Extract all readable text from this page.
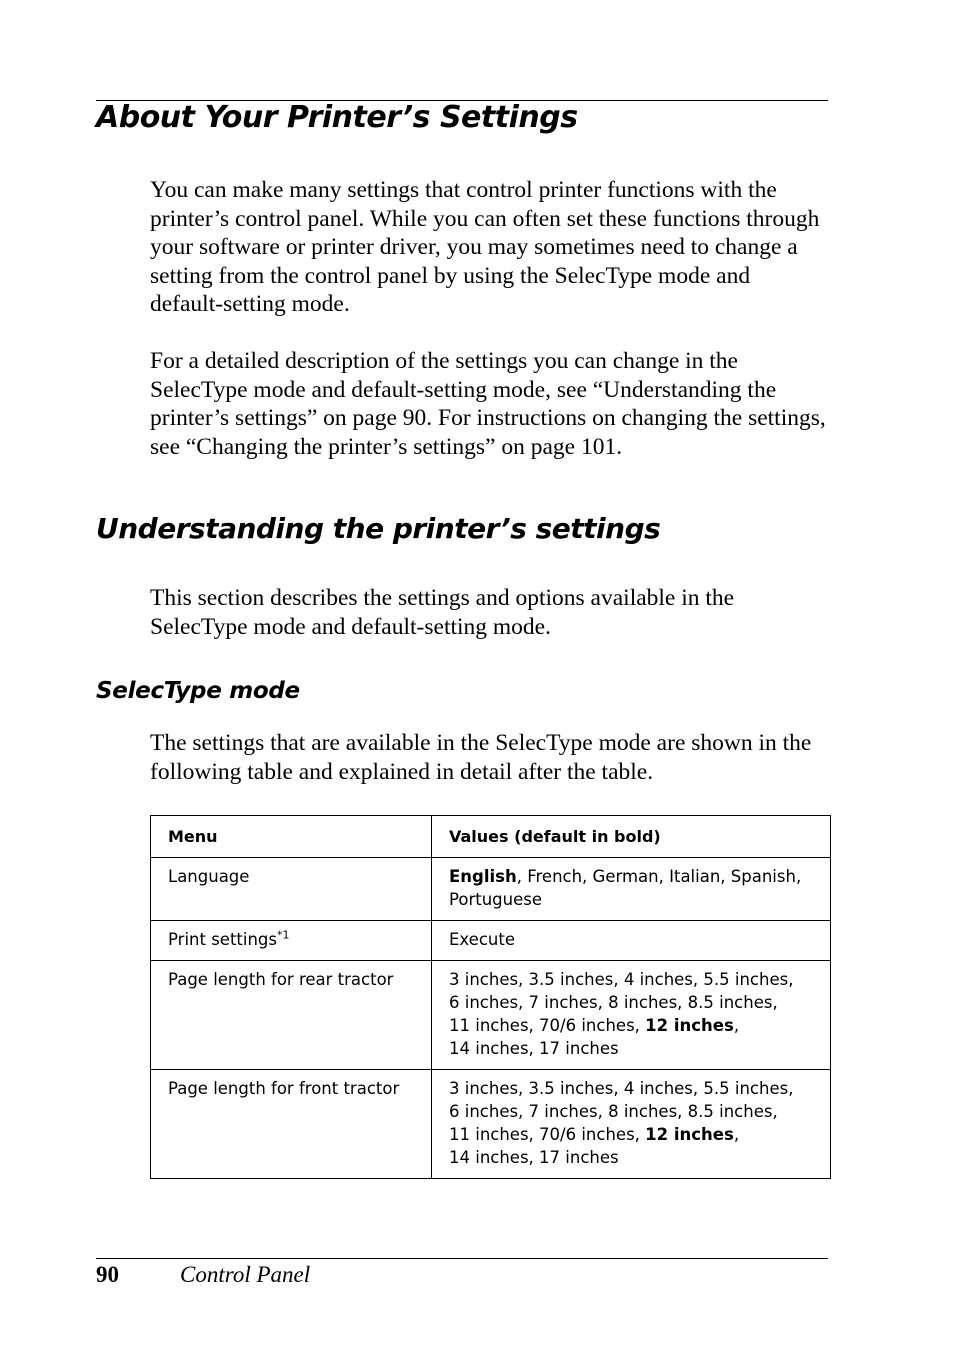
About Your Printer’s Settings

You can make many settings that control printer functions with the printer’s control panel. While you can often set these functions through your software or printer driver, you may sometimes need to change a setting from the control panel by using the SelecType mode and default-setting mode.

For a detailed description of the settings you can change in the SelecType mode and default-setting mode, see “Understanding the printer’s settings” on page 90. For instructions on changing the settings, see “Changing the printer’s settings” on page 101.

Understanding the printer’s settings

This section describes the settings and options available in the SelecType mode and default-setting mode.

SelecType mode

The settings that are available in the SelecType mode are shown in the following table and explained in detail after the table.

Menu	Values (default in bold)
Language	English, French, German, Italian, Spanish, Portuguese
Print settings$^{*1}$	Execute
Page length for rear tractor	3 inches, 3.5 inches, 4 inches, 5.5 inches,
6 inches, 7 inches, 8 inches, 8.5 inches,
11 inches, 70/6 inches, 12 inches,
14 inches, 17 inches
Page length for front tractor	3 inches, 3.5 inches, 4 inches, 5.5 inches,
6 inches, 7 inches, 8 inches, 8.5 inches,
11 inches, 70/6 inches, 12 inches,
14 inches, 17 inches
90	Control Panel
